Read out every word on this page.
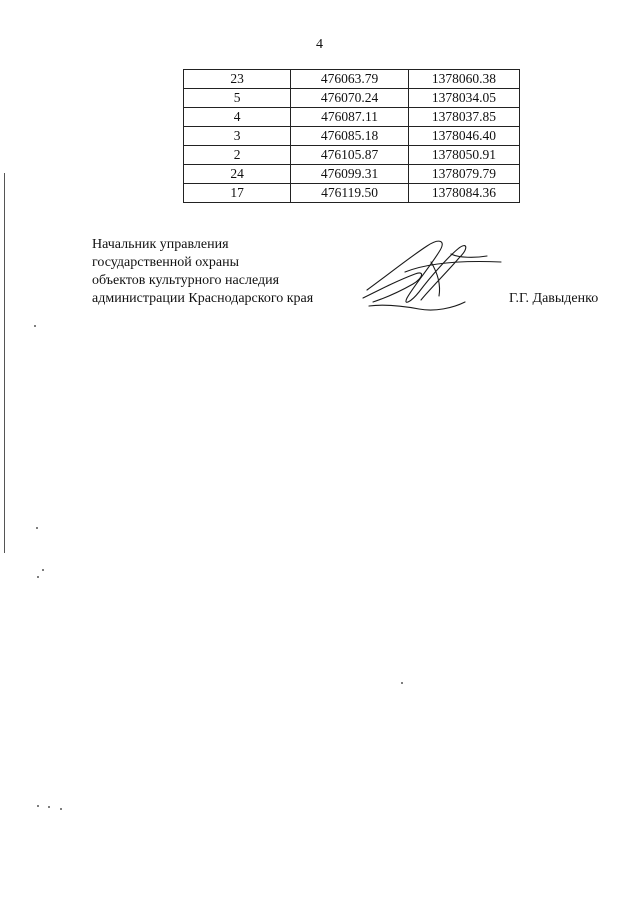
4
23	476063.79	1378060.38
5	476070.24	1378034.05
4	476087.11	1378037.85
3	476085.18	1378046.40
2	476105.87	1378050.91
24	476099.31	1378079.79
17	476119.50	1378084.36
Начальник управления
государственной охраны
объектов культурного наследия
администрации Краснодарского края	Г.Г. Давыденко
